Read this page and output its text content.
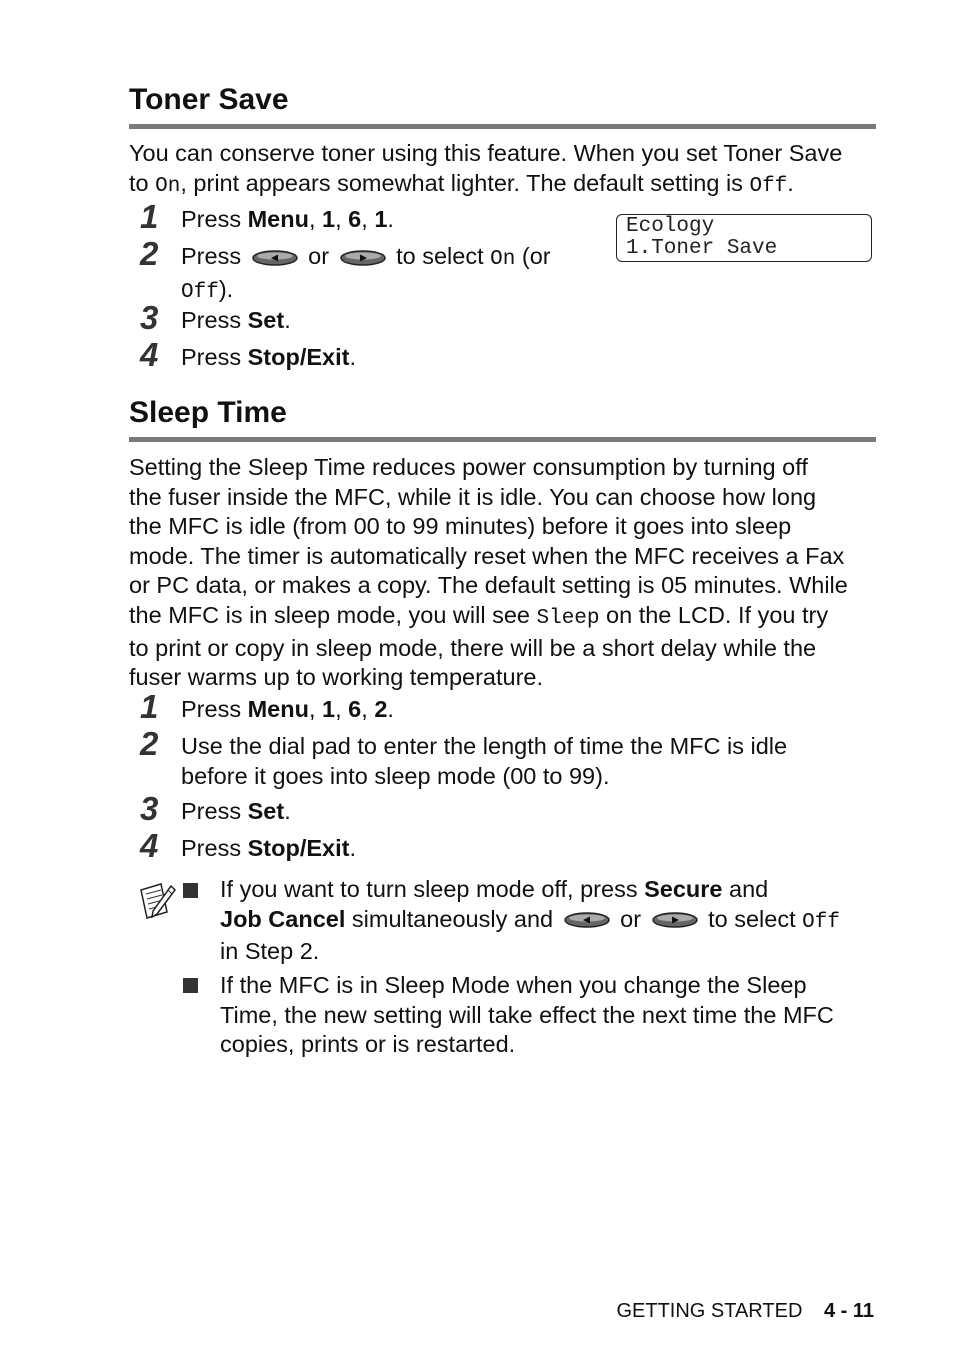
Toner Save
You can conserve toner using this feature. When you set Toner Save
to On, print appears somewhat lighter. The default setting is Off.
Ecology
1.Toner Save
1 Press Menu, 1, 6, 1.
2 Press	or	to select On (or
Off).
3 Press Set.
4 Press Stop/Exit.
Sleep Time
Setting the Sleep Time reduces power consumption by turning off
the fuser inside the MFC, while it is idle. You can choose how long
the MFC is idle (from 00 to 99 minutes) before it goes into sleep
mode. The timer is automatically reset when the MFC receives a Fax
or PC data, or makes a copy. The default setting is 05 minutes. While
the MFC is in sleep mode, you will see Sleep on the LCD. If you try
to print or copy in sleep mode, there will be a short delay while the
fuser warms up to working temperature.
1 Press Menu, 1, 6, 2.
2 Use the dial pad to enter the length of time the MFC is idle
before it goes into sleep mode (00 to 99).
3 Press Set.
4 Press Stop/Exit.
If you want to turn sleep mode off, press Secure and
Job Cancel simultaneously and	or	to select Off
in Step 2.
If the MFC is in Sleep Mode when you change the Sleep
Time, the new setting will take effect the next time the MFC
copies, prints or is restarted.
GETTING STARTED 4 - 11
